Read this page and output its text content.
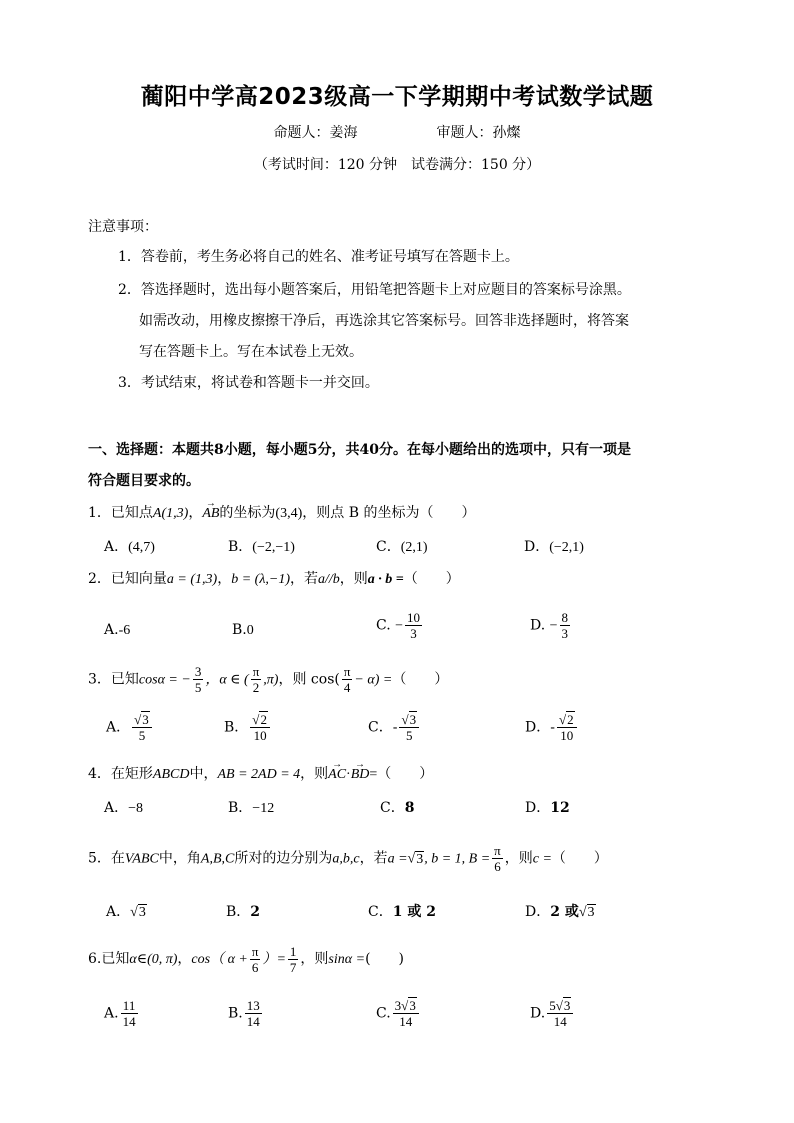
蔺阳中学高2023级高一下学期期中考试数学试题
命题人：姜海	审题人：孙燦
（考试时间：120 分钟　试卷满分：150 分）
注意事项：
1．答卷前，考生务必将自己的姓名、准考证号填写在答题卡上。
2．答选择题时，选出每小题答案后，用铅笔把答题卡上对应题目的答案标号涂黑。
如需改动，用橡皮擦擦干净后，再选涂其它答案标号。回答非选择题时，将答案
写在答题卡上。写在本试卷上无效。
3．考试结束，将试卷和答题卡一并交回。
一、选择题：本题共8小题，每小题5分，共40分。在每小题给出的选项中，只有一项是
符合题目要求的。
1．已知点A(1,3)，→ AB的坐标为(3,4)，则点 B 的坐标为（　　）
A．(4,7)	B．(−2,−1)	C．(2,1)	D．(−2,1)
2．已知向量a = (1,3)，b = (λ,−1)，若a//b，则a · b =（　　）
A.-6	B.0	C. − $\frac{10}{3}$	D. − $\frac{8}{3}$
3．已知cosα = − $\frac{3}{5}$ ，α ∈ ( $\frac{\pi}{2} ,\pi$)，则 $\cos( \frac{\pi}{4} - \alpha)$ =（　　）
A． $\frac{√3}{5}$	B． $\frac{√2}{10}$	C．- $\frac{√3}{5}$	D．- $\frac{√2}{10}$
4．在矩形ABCD中，AB = 2AD = 4，则→ AC·→ BD=（　　）
A．−8	B．−12	C．8	D．12
5．在VABC中，角A,B,C所对的边分别为a,b,c，若a =√3, b = 1, $B = \frac{\pi}{6}$ ，则c =（　　）
A．√3	B．2	C．1 或 2	D．2 或√3
6.已知α∈(0, π)，cos（ $\alpha + \frac{\pi}{6}$ ）= $\frac{1}{7}$ ，则sinα =(　　)
A. $\frac{11}{14}$	B. $\frac{13}{14}$	C. $\frac{3√3}{14}$	D. $\frac{5√3}{14}$
